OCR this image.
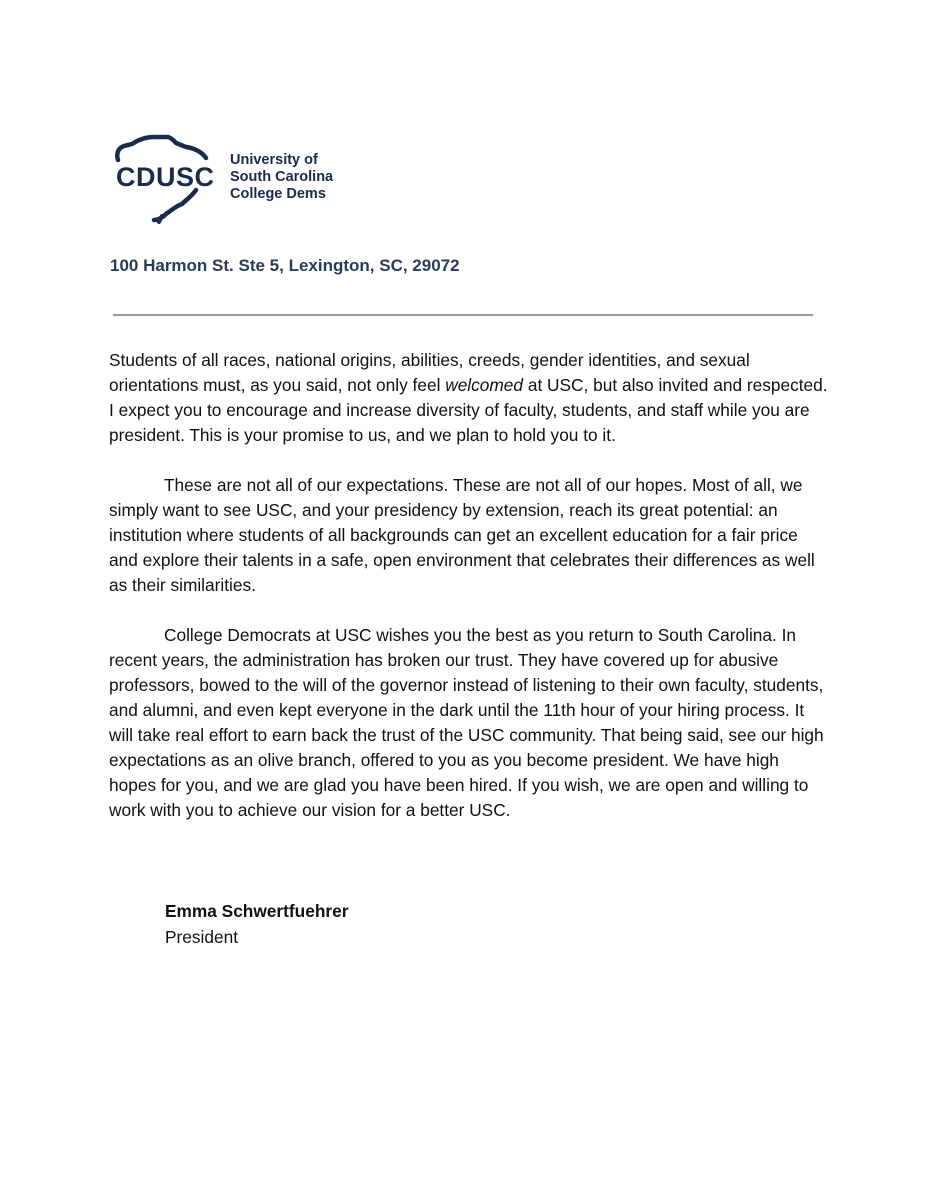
CDUSC
University of
South Carolina
College Dems
100 Harmon St. Ste 5, Lexington, SC, 29072

Students of all races, national origins, abilities, creeds, gender identities, and sexual orientations must, as you said, not only feel welcomed at USC, but also invited and respected. I expect you to encourage and increase diversity of faculty, students, and staff while you are president. This is your promise to us, and we plan to hold you to it.

These are not all of our expectations. These are not all of our hopes. Most of all, we simply want to see USC, and your presidency by extension, reach its great potential: an institution where students of all backgrounds can get an excellent education for a fair price and explore their talents in a safe, open environment that celebrates their differences as well as their similarities.

College Democrats at USC wishes you the best as you return to South Carolina. In recent years, the administration has broken our trust. They have covered up for abusive professors, bowed to the will of the governor instead of listening to their own faculty, students, and alumni, and even kept everyone in the dark until the 11th hour of your hiring process. It will take real effort to earn back the trust of the USC community. That being said, see our high expectations as an olive branch, offered to you as you become president. We have high hopes for you, and we are glad you have been hired. If you wish, we are open and willing to work with you to achieve our vision for a better USC.

Emma Schwertfuehrer
President
